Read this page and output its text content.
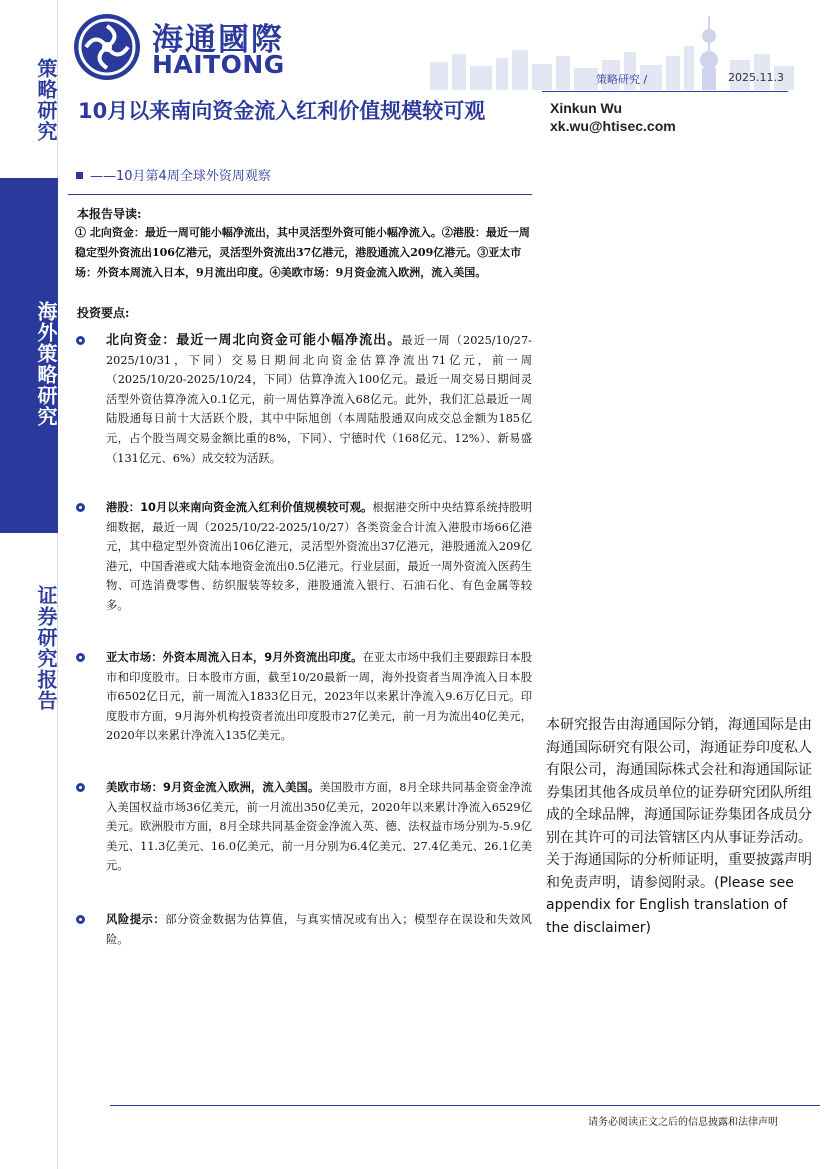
策略研究
海外策略研究
证券研究报告
海通國際
HAITONG
策略研究 /	2025.11.3
10月以来南向资金流入红利价值规模较可观
——10月第4周全球外资周观察
Xinkun Wu
xk.wu@htisec.com
本报告导读:

① 北向资金：最近一周可能小幅净流出，其中灵活型外资可能小幅净流入。②港股：最近一周稳定型外资流出106亿港元，灵活型外资流出37亿港元，港股通流入209亿港元。③亚太市场：外资本周流入日本，9月流出印度。④美欧市场：9月资金流入欧洲，流入美国。

投资要点:

北向资金：最近一周北向资金可能小幅净流出。最近一周（2025/10/27-2025/10/31，下同）交易日期间北向资金估算净流出71亿元，前一周（2025/10/20-2025/10/24，下同）估算净流入100亿元。最近一周交易日期间灵活型外资估算净流入0.1亿元，前一周估算净流入68亿元。此外，我们汇总最近一周陆股通每日前十大活跃个股，其中中际旭创（本周陆股通双向成交总金额为185亿元，占个股当周交易金额比重的8%，下同）、宁德时代（168亿元、12%）、新易盛（131亿元、6%）成交较为活跃。

港股：10月以来南向资金流入红利价值规模较可观。根据港交所中央结算系统持股明细数据，最近一周（2025/10/22-2025/10/27）各类资金合计流入港股市场66亿港元，其中稳定型外资流出106亿港元，灵活型外资流出37亿港元，港股通流入209亿港元，中国香港或大陆本地资金流出0.5亿港元。行业层面，最近一周外资流入医药生物、可选消费零售、纺织服装等较多，港股通流入银行、石油石化、有色金属等较多。

亚太市场：外资本周流入日本，9月外资流出印度。在亚太市场中我们主要跟踪日本股市和印度股市。日本股市方面，截至10/20最新一周，海外投资者当周净流入日本股市6502亿日元，前一周流入1833亿日元，2023年以来累计净流入9.6万亿日元。印度股市方面，9月海外机构投资者流出印度股市27亿美元，前一月为流出40亿美元，2020年以来累计净流入135亿美元。

美欧市场：9月资金流入欧洲，流入美国。美国股市方面，8月全球共同基金资金净流入美国权益市场36亿美元，前一月流出350亿美元，2020年以来累计净流入6529亿美元。欧洲股市方面，8月全球共同基金资金净流入英、德、法权益市场分别为-5.9亿美元、11.3亿美元、16.0亿美元，前一月分别为6.4亿美元、27.4亿美元、26.1亿美元。

风险提示：部分资金数据为估算值，与真实情况或有出入；模型存在误设和失效风险。

本研究报告由海通国际分销，海通国际是由海通国际研究有限公司，海通证券印度私人有限公司，海通国际株式会社和海通国际证券集团其他各成员单位的证券研究团队所组成的全球品牌，海通国际证券集团各成员分别在其许可的司法管辖区内从事证券活动。关于海通国际的分析师证明，重要披露声明和免责声明，请参阅附录。(Please see appendix for English translation of the disclaimer)

请务必阅读正文之后的信息披露和法律声明
